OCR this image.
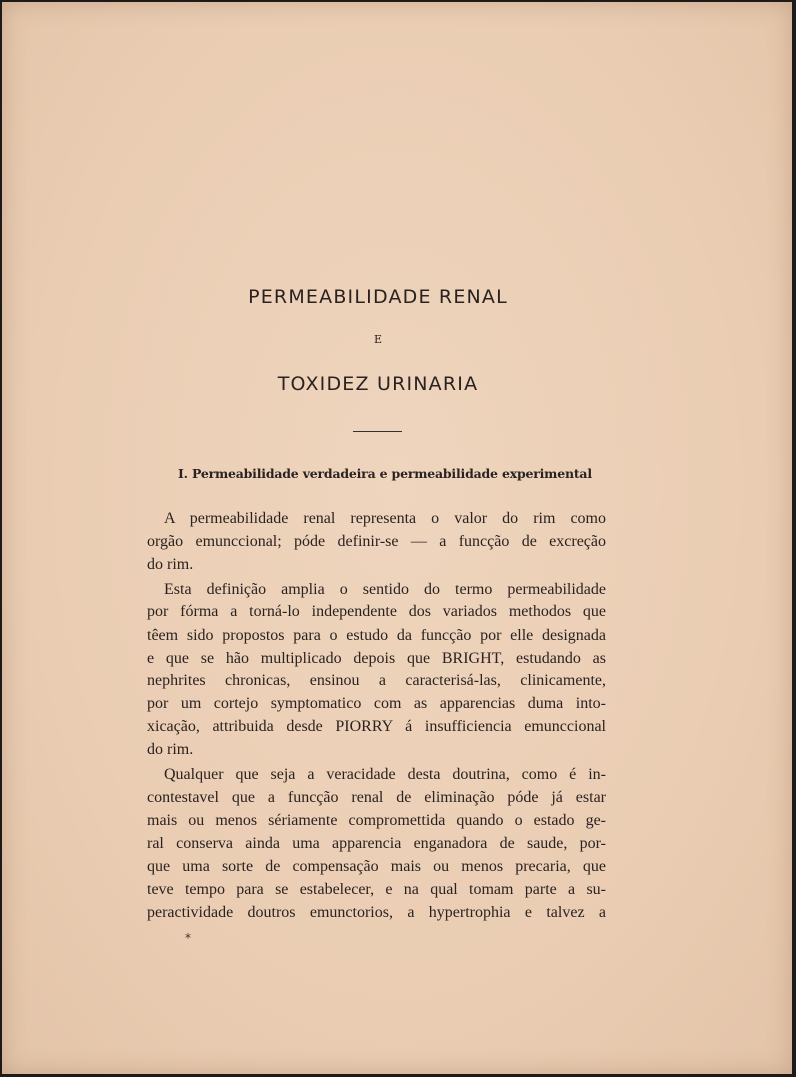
PERMEABILIDADE RENAL
E
TOXIDEZ URINARIA
I. Permeabilidade verdadeira e permeabilidade experimental
A permeabilidade renal representa o valor do rim como
orgão emunccional; póde definir-se — a funcção de excreção
do rim.
Esta definição amplia o sentido do termo permeabilidade
por fórma a torná-lo independente dos variados methodos que
têem sido propostos para o estudo da funcção por elle designada
e que se hão multiplicado depois que BRIGHT, estudando as
nephrites chronicas, ensinou a caracterisá-las, clinicamente,
por um cortejo symptomatico com as apparencias duma into-
xicação, attribuida desde PIORRY á insufficiencia emunccional
do rim.
Qualquer que seja a veracidade desta doutrina, como é in-
contestavel que a funcção renal de eliminação póde já estar
mais ou menos sériamente compromettida quando o estado ge-
ral conserva ainda uma apparencia enganadora de saude, por-
que uma sorte de compensação mais ou menos precaria, que
teve tempo para se estabelecer, e na qual tomam parte a su-
peractividade doutros emunctorios, a hypertrophia e talvez a
*
